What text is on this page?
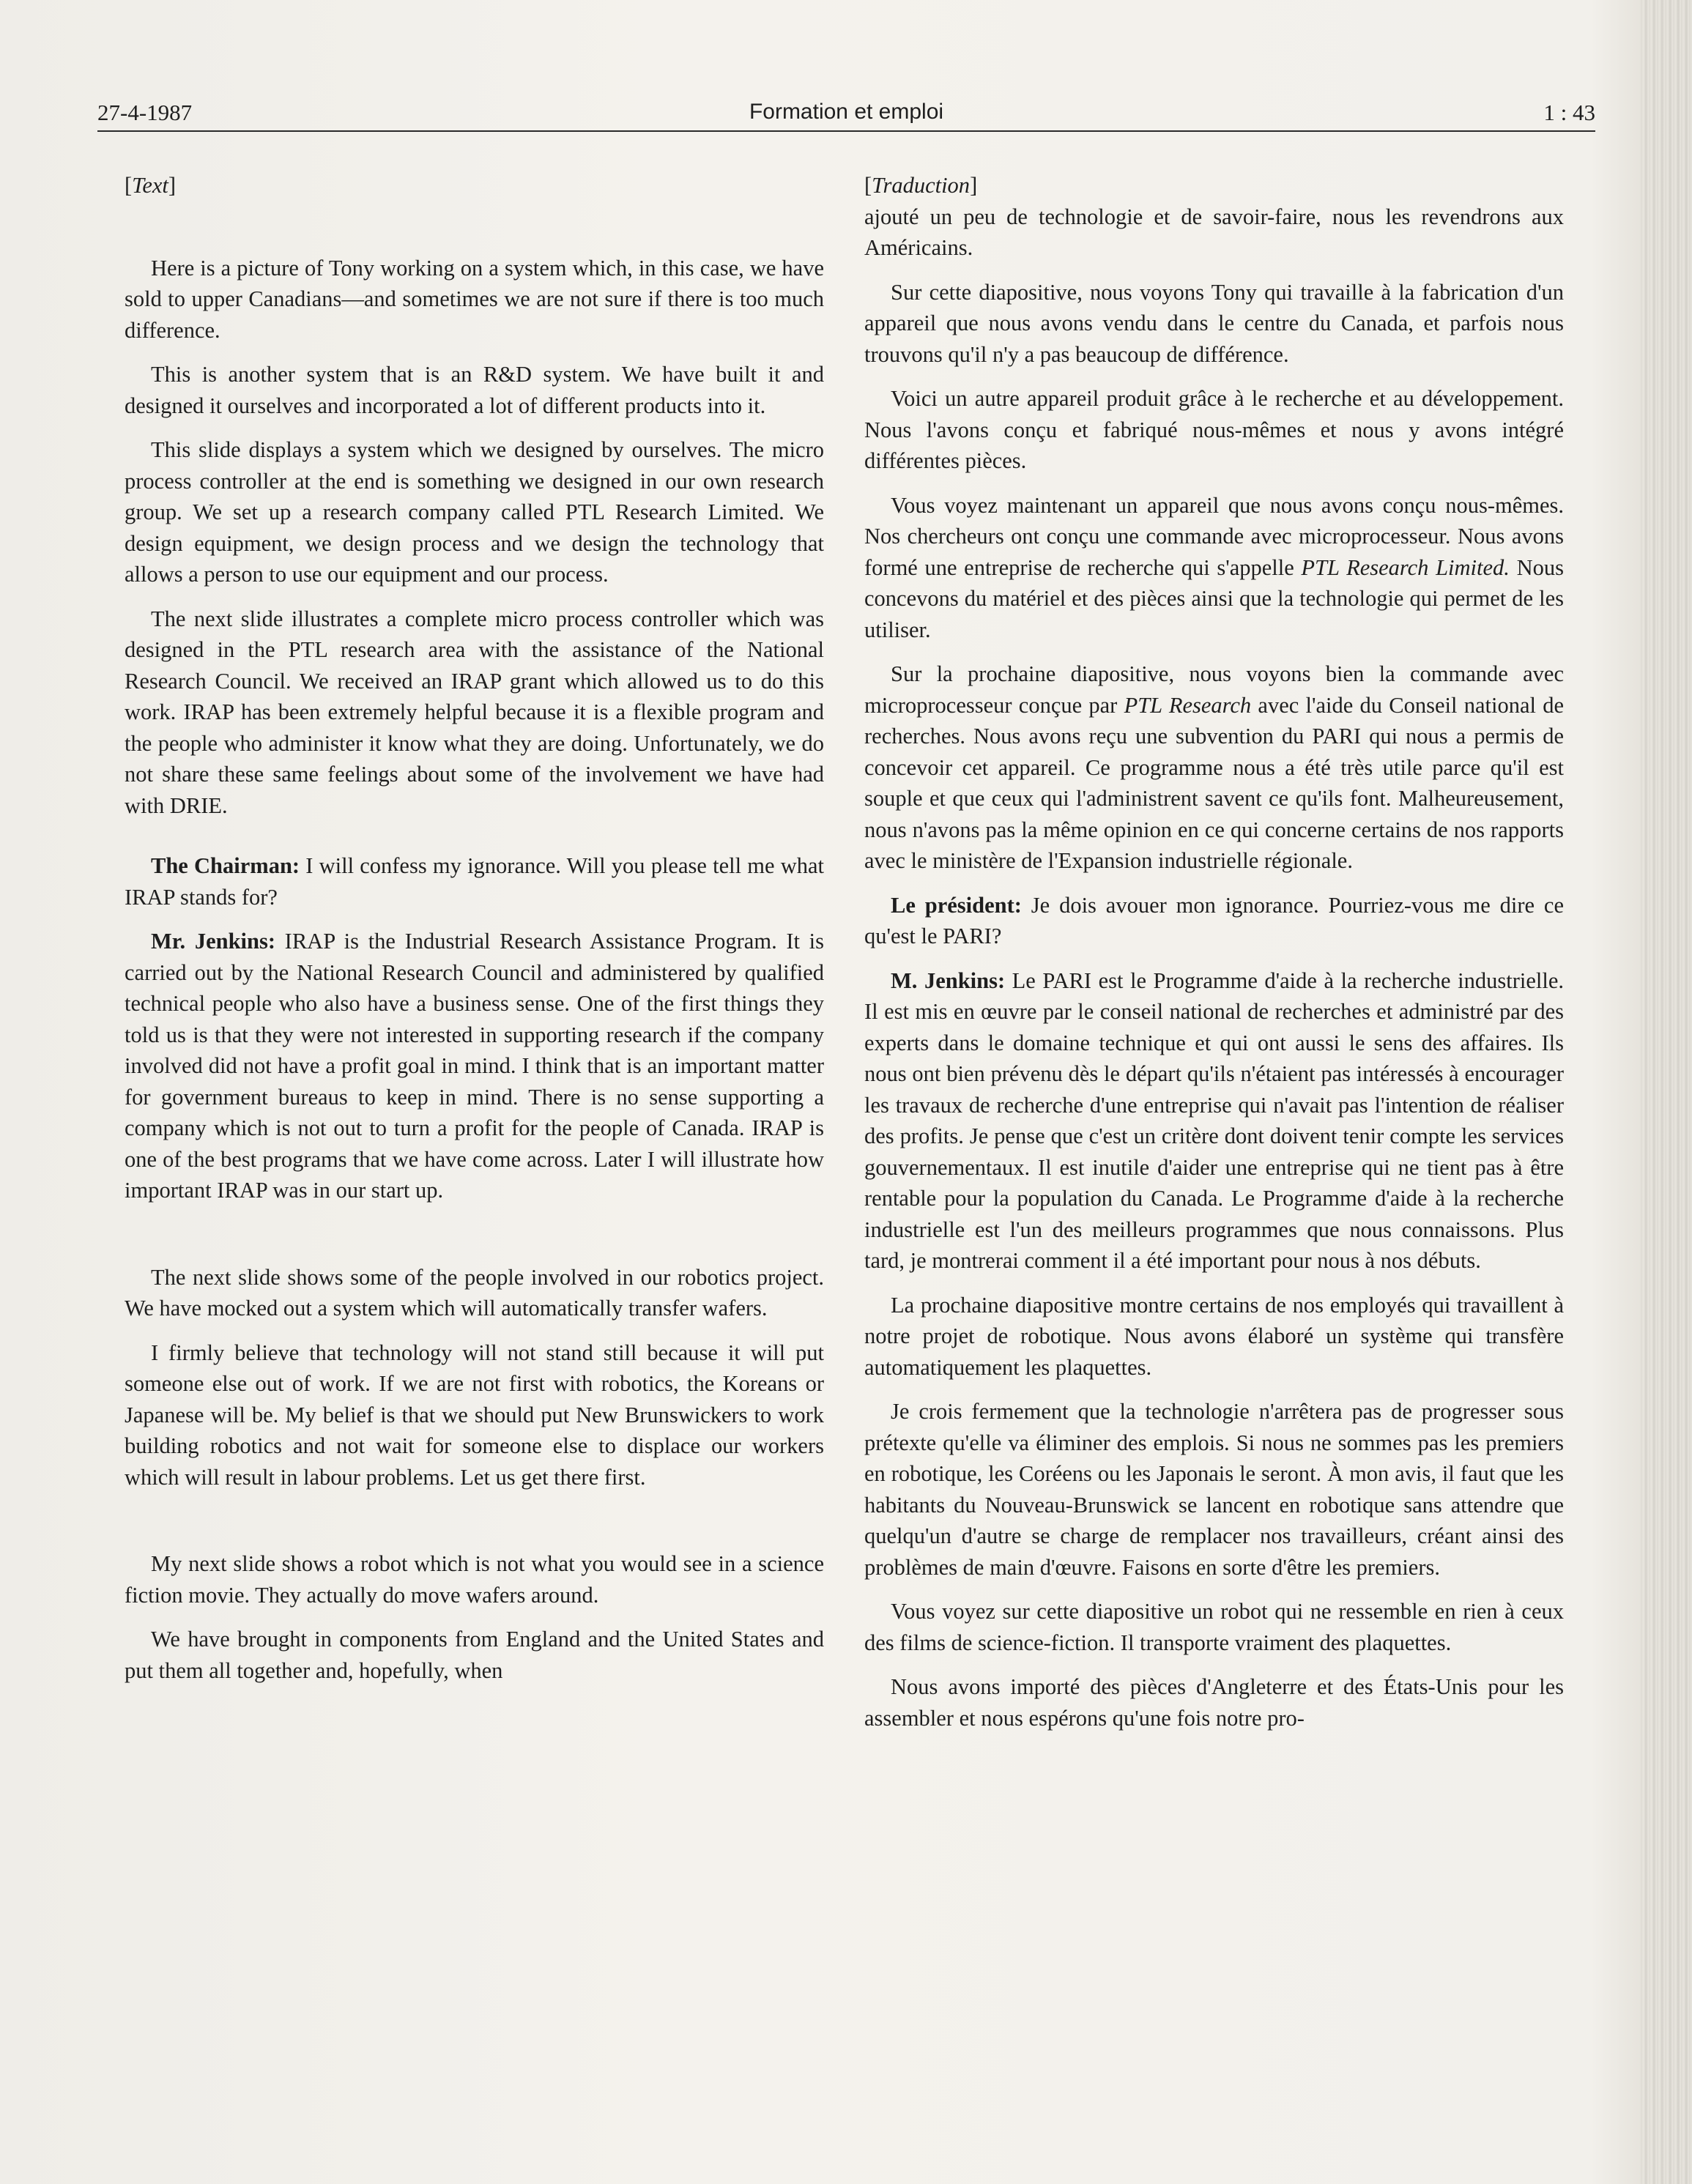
27-4-1987	Formation et emploi	1 : 43

[Text]

Here is a picture of Tony working on a system which, in this case, we have sold to upper Canadians—and sometimes we are not sure if there is too much difference.

This is another system that is an R&D system. We have built it and designed it ourselves and incorporated a lot of different products into it.

This slide displays a system which we designed by ourselves. The micro process controller at the end is something we designed in our own research group. We set up a research company called PTL Research Limited. We design equipment, we design process and we design the technology that allows a person to use our equipment and our process.

The next slide illustrates a complete micro process controller which was designed in the PTL research area with the assistance of the National Research Council. We received an IRAP grant which allowed us to do this work. IRAP has been extremely helpful because it is a flexible program and the people who administer it know what they are doing. Unfortunately, we do not share these same feelings about some of the involvement we have had with DRIE.

The Chairman: I will confess my ignorance. Will you please tell me what IRAP stands for?

Mr. Jenkins: IRAP is the Industrial Research Assistance Program. It is carried out by the National Research Council and administered by qualified technical people who also have a business sense. One of the first things they told us is that they were not interested in supporting research if the company involved did not have a profit goal in mind. I think that is an important matter for government bureaus to keep in mind. There is no sense supporting a company which is not out to turn a profit for the people of Canada. IRAP is one of the best programs that we have come across. Later I will illustrate how important IRAP was in our start up.

The next slide shows some of the people involved in our robotics project. We have mocked out a system which will automatically transfer wafers.

I firmly believe that technology will not stand still because it will put someone else out of work. If we are not first with robotics, the Koreans or Japanese will be. My belief is that we should put New Brunswickers to work building robotics and not wait for someone else to displace our workers which will result in labour problems. Let us get there first.

My next slide shows a robot which is not what you would see in a science fiction movie. They actually do move wafers around.

We have brought in components from England and the United States and put them all together and, hopefully, when

[Traduction]

ajouté un peu de technologie et de savoir-faire, nous les revendrons aux Américains.

Sur cette diapositive, nous voyons Tony qui travaille à la fabrication d'un appareil que nous avons vendu dans le centre du Canada, et parfois nous trouvons qu'il n'y a pas beaucoup de différence.

Voici un autre appareil produit grâce à le recherche et au développement. Nous l'avons conçu et fabriqué nous-mêmes et nous y avons intégré différentes pièces.

Vous voyez maintenant un appareil que nous avons conçu nous-mêmes. Nos chercheurs ont conçu une commande avec microprocesseur. Nous avons formé une entreprise de recherche qui s'appelle PTL Research Limited. Nous concevons du matériel et des pièces ainsi que la technologie qui permet de les utiliser.

Sur la prochaine diapositive, nous voyons bien la commande avec microprocesseur conçue par PTL Research avec l'aide du Conseil national de recherches. Nous avons reçu une subvention du PARI qui nous a permis de concevoir cet appareil. Ce programme nous a été très utile parce qu'il est souple et que ceux qui l'administrent savent ce qu'ils font. Malheureusement, nous n'avons pas la même opinion en ce qui concerne certains de nos rapports avec le ministère de l'Expansion industrielle régionale.

Le président: Je dois avouer mon ignorance. Pourriez-vous me dire ce qu'est le PARI?

M. Jenkins: Le PARI est le Programme d'aide à la recherche industrielle. Il est mis en œuvre par le conseil national de recherches et administré par des experts dans le domaine technique et qui ont aussi le sens des affaires. Ils nous ont bien prévenu dès le départ qu'ils n'étaient pas intéressés à encourager les travaux de recherche d'une entreprise qui n'avait pas l'intention de réaliser des profits. Je pense que c'est un critère dont doivent tenir compte les services gouvernementaux. Il est inutile d'aider une entreprise qui ne tient pas à être rentable pour la population du Canada. Le Programme d'aide à la recherche industrielle est l'un des meilleurs programmes que nous connaissons. Plus tard, je montrerai comment il a été important pour nous à nos débuts.

La prochaine diapositive montre certains de nos employés qui travaillent à notre projet de robotique. Nous avons élaboré un système qui transfère automatiquement les plaquettes.

Je crois fermement que la technologie n'arrêtera pas de progresser sous prétexte qu'elle va éliminer des emplois. Si nous ne sommes pas les premiers en robotique, les Coréens ou les Japonais le seront. À mon avis, il faut que les habitants du Nouveau-Brunswick se lancent en robotique sans attendre que quelqu'un d'autre se charge de remplacer nos travailleurs, créant ainsi des problèmes de main d'œuvre. Faisons en sorte d'être les premiers.

Vous voyez sur cette diapositive un robot qui ne ressemble en rien à ceux des films de science-fiction. Il transporte vraiment des plaquettes.

Nous avons importé des pièces d'Angleterre et des États-Unis pour les assembler et nous espérons qu'une fois notre pro-
